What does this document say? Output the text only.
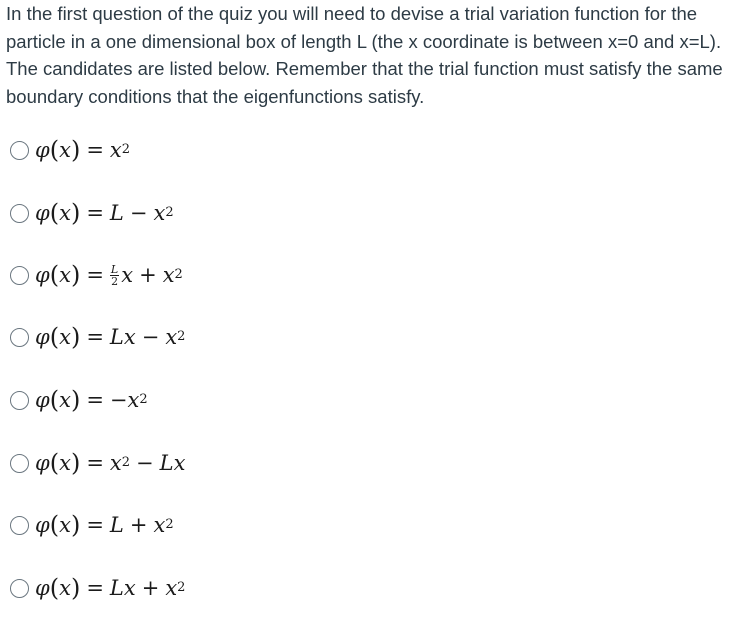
In the first question of the quiz you will need to devise a trial variation function for the particle in a one dimensional box of length L (the x coordinate is between x=0 and x=L). The candidates are listed below. Remember that the trial function must satisfy the same boundary conditions that the eigenfunctions satisfy.

φ ( x ) = x 2
φ ( x ) = L − x 2
φ ( x ) = $\frac{L}{2}$ x + x 2
φ ( x ) = L x − x 2
φ ( x ) = − x 2
φ ( x ) = x 2 − L x
φ ( x ) = L + x 2
φ ( x ) = L x + x 2
